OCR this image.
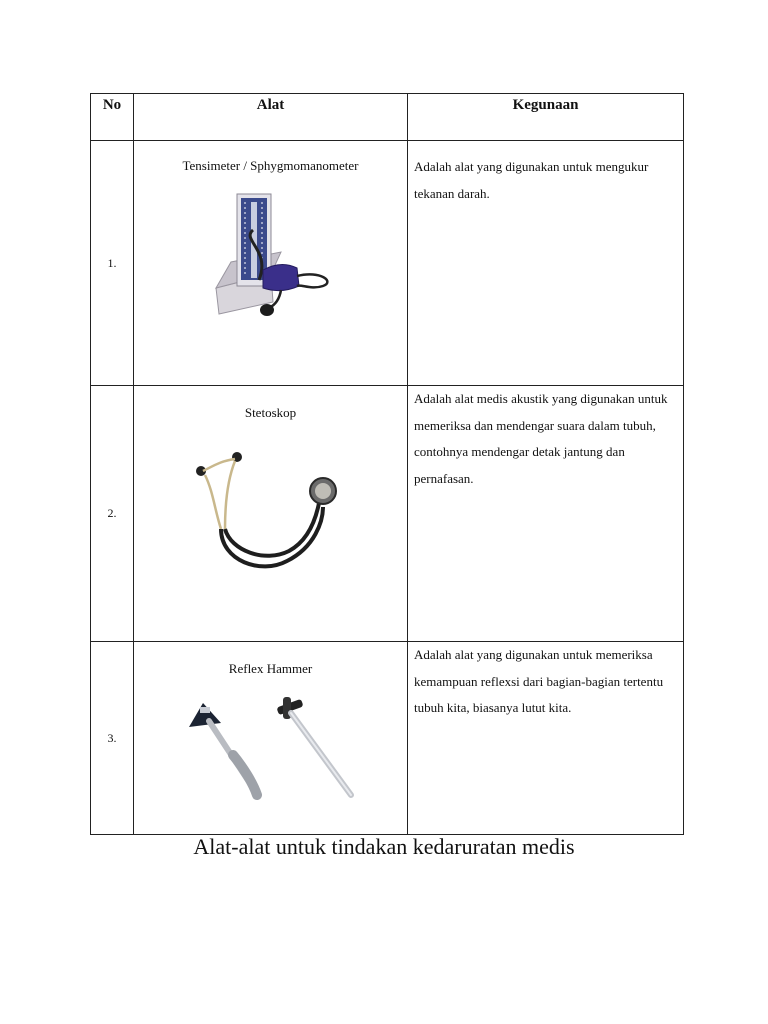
No	Alat	Kegunaan
1.	Tensimeter / Sphygmomanometer	Adalah alat yang digunakan untuk mengukur tekanan darah.
2.	Stetoskop	Adalah alat medis akustik yang digunakan untuk memeriksa dan mendengar suara dalam tubuh, contohnya mendengar detak jantung dan pernafasan.
3.	Reflex Hammer	Adalah alat yang digunakan untuk memeriksa kemampuan reflexsi dari bagian-bagian tertentu tubuh kita, biasanya lutut kita.
Alat-alat untuk tindakan kedaruratan medis
